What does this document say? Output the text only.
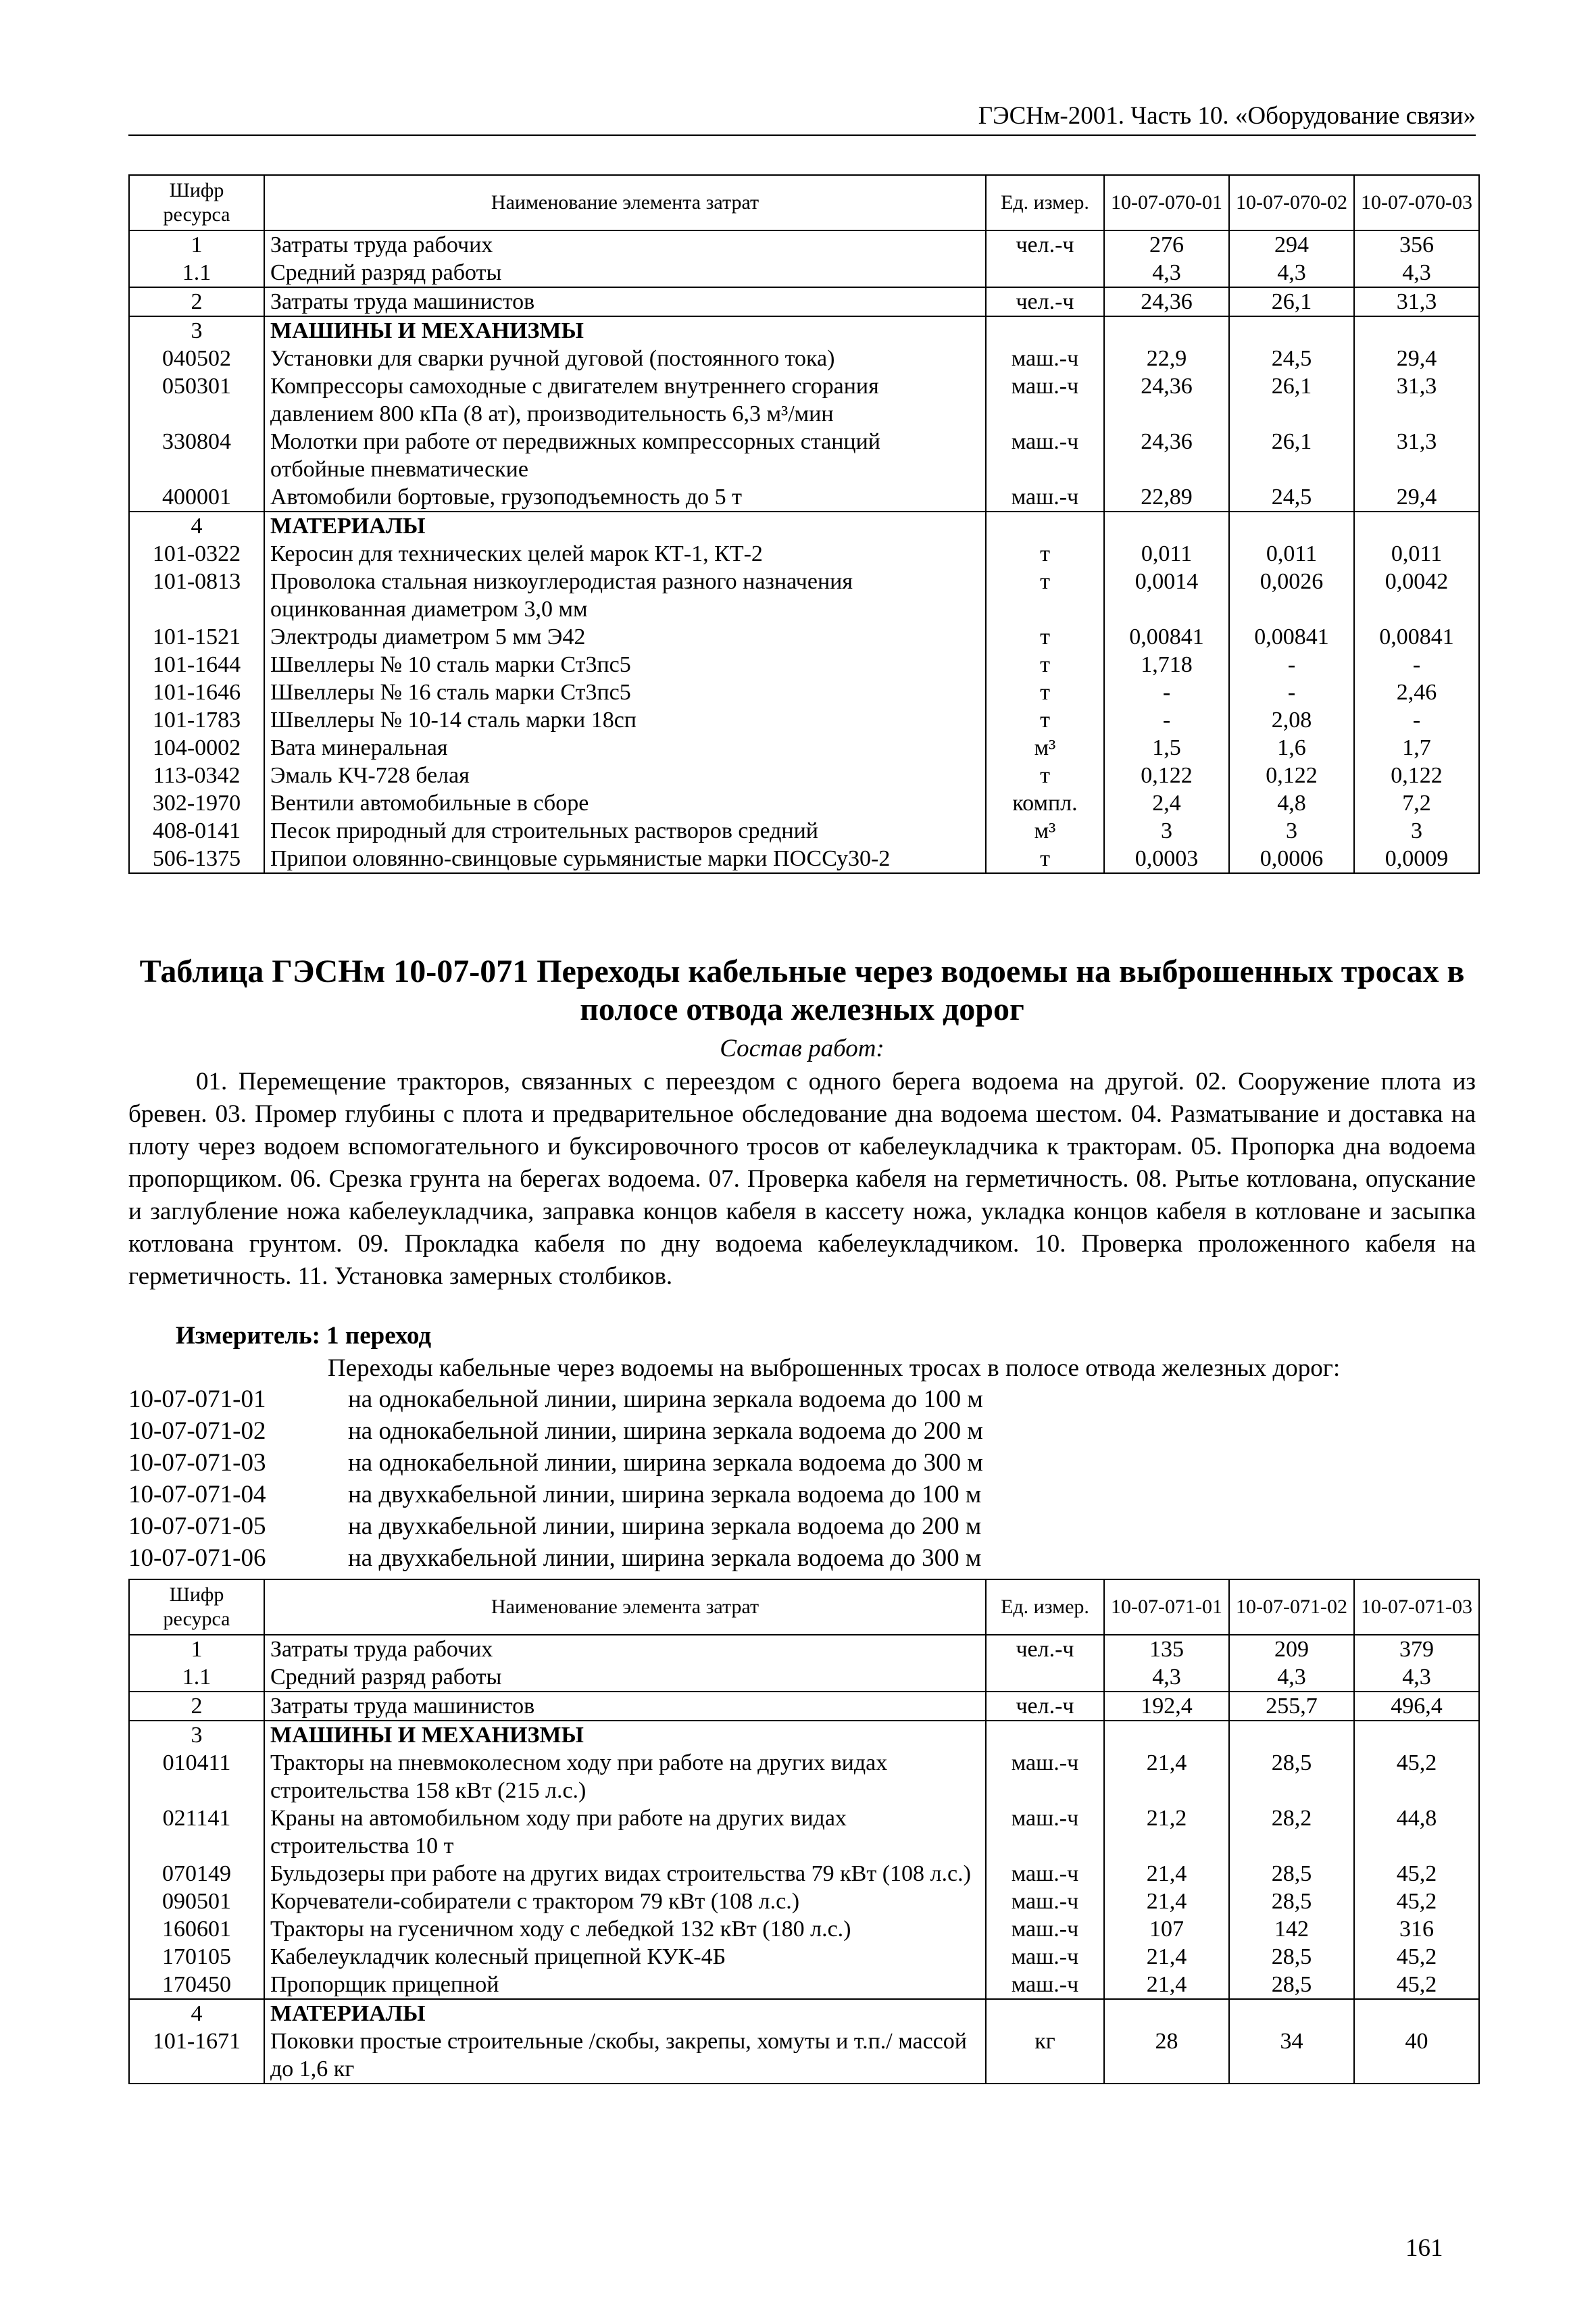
ГЭСНм-2001. Часть 10. «Оборудование связи»
Шифр ресурса	Наименование элемента затрат	Ед. измер.	10-07-070-01	10-07-070-02	10-07-070-03
1	Затраты труда рабочих	чел.-ч	276	294	356
1.1	Средний разряд работы		4,3	4,3	4,3
2	Затраты труда машинистов	чел.-ч	24,36	26,1	31,3
3	МАШИНЫ И МЕХАНИЗМЫ				
040502	Установки для сварки ручной дуговой (постоянного тока)	маш.-ч	22,9	24,5	29,4
050301	Компрессоры самоходные с двигателем внутреннего сгорания давлением 800 кПа (8 ат), производительность 6,3 м³/мин	маш.-ч	24,36	26,1	31,3
330804	Молотки при работе от передвижных компрессорных станций отбойные пневматические	маш.-ч	24,36	26,1	31,3
400001	Автомобили бортовые, грузоподъемность до 5 т	маш.-ч	22,89	24,5	29,4
4	МАТЕРИАЛЫ				
101-0322	Керосин для технических целей марок КТ-1, КТ-2	т	0,011	0,011	0,011
101-0813	Проволока стальная низкоуглеродистая разного назначения оцинкованная диаметром 3,0 мм	т	0,0014	0,0026	0,0042
101-1521	Электроды диаметром 5 мм Э42	т	0,00841	0,00841	0,00841
101-1644	Швеллеры № 10 сталь марки Ст3пс5	т	1,718	-	-
101-1646	Швеллеры № 16 сталь марки Ст3пс5	т	-	-	2,46
101-1783	Швеллеры № 10-14 сталь марки 18сп	т	-	2,08	-
104-0002	Вата минеральная	м³	1,5	1,6	1,7
113-0342	Эмаль КЧ-728 белая	т	0,122	0,122	0,122
302-1970	Вентили автомобильные в сборе	компл.	2,4	4,8	7,2
408-0141	Песок природный для строительных растворов средний	м³	3	3	3
506-1375	Припои оловянно-свинцовые сурьмянистые марки ПОССу30-2	т	0,0003	0,0006	0,0009
Таблица ГЭСНм 10-07-071 Переходы кабельные через водоемы на выброшенных тросах в полосе отвода железных дорог
Состав работ:

01. Перемещение тракторов, связанных с переездом с одного берега водоема на другой. 02. Сооружение плота из бревен. 03. Промер глубины с плота и предварительное обследование дна водоема шестом. 04. Разматывание и доставка на плоту через водоем вспомогательного и буксировочного тросов от кабелеукладчика к тракторам. 05. Пропорка дна водоема пропорщиком. 06. Срезка грунта на берегах водоема. 07. Проверка кабеля на герметичность. 08. Рытье котлована, опускание и заглубление ножа кабелеукладчика, заправка концов кабеля в кассету ножа, укладка концов кабеля в котловане и засыпка котлована грунтом. 09. Прокладка кабеля по дну водоема кабелеукладчиком. 10. Проверка проложенного кабеля на герметичность. 11. Установка замерных столбиков.

Измеритель: 1 переход
Переходы кабельные через водоемы на выброшенных тросах в полосе отвода железных дорог:
10-07-071-01	на однокабельной линии, ширина зеркала водоема до 100 м
10-07-071-02	на однокабельной линии, ширина зеркала водоема до 200 м
10-07-071-03	на однокабельной линии, ширина зеркала водоема до 300 м
10-07-071-04	на двухкабельной линии, ширина зеркала водоема до 100 м
10-07-071-05	на двухкабельной линии, ширина зеркала водоема до 200 м
10-07-071-06	на двухкабельной линии, ширина зеркала водоема до 300 м
Шифр ресурса	Наименование элемента затрат	Ед. измер.	10-07-071-01	10-07-071-02	10-07-071-03
1	Затраты труда рабочих	чел.-ч	135	209	379
1.1	Средний разряд работы		4,3	4,3	4,3
2	Затраты труда машинистов	чел.-ч	192,4	255,7	496,4
3	МАШИНЫ И МЕХАНИЗМЫ				
010411	Тракторы на пневмоколесном ходу при работе на других видах строительства 158 кВт (215 л.с.)	маш.-ч	21,4	28,5	45,2
021141	Краны на автомобильном ходу при работе на других видах строительства 10 т	маш.-ч	21,2	28,2	44,8
070149	Бульдозеры при работе на других видах строительства 79 кВт (108 л.с.)	маш.-ч	21,4	28,5	45,2
090501	Корчеватели-собиратели с трактором 79 кВт (108 л.с.)	маш.-ч	21,4	28,5	45,2
160601	Тракторы на гусеничном ходу с лебедкой 132 кВт (180 л.с.)	маш.-ч	107	142	316
170105	Кабелеукладчик колесный прицепной КУК-4Б	маш.-ч	21,4	28,5	45,2
170450	Пропорщик прицепной	маш.-ч	21,4	28,5	45,2
4	МАТЕРИАЛЫ				
101-1671	Поковки простые строительные /скобы, закрепы, хомуты и т.п./ массой до 1,6 кг	кг	28	34	40
161
